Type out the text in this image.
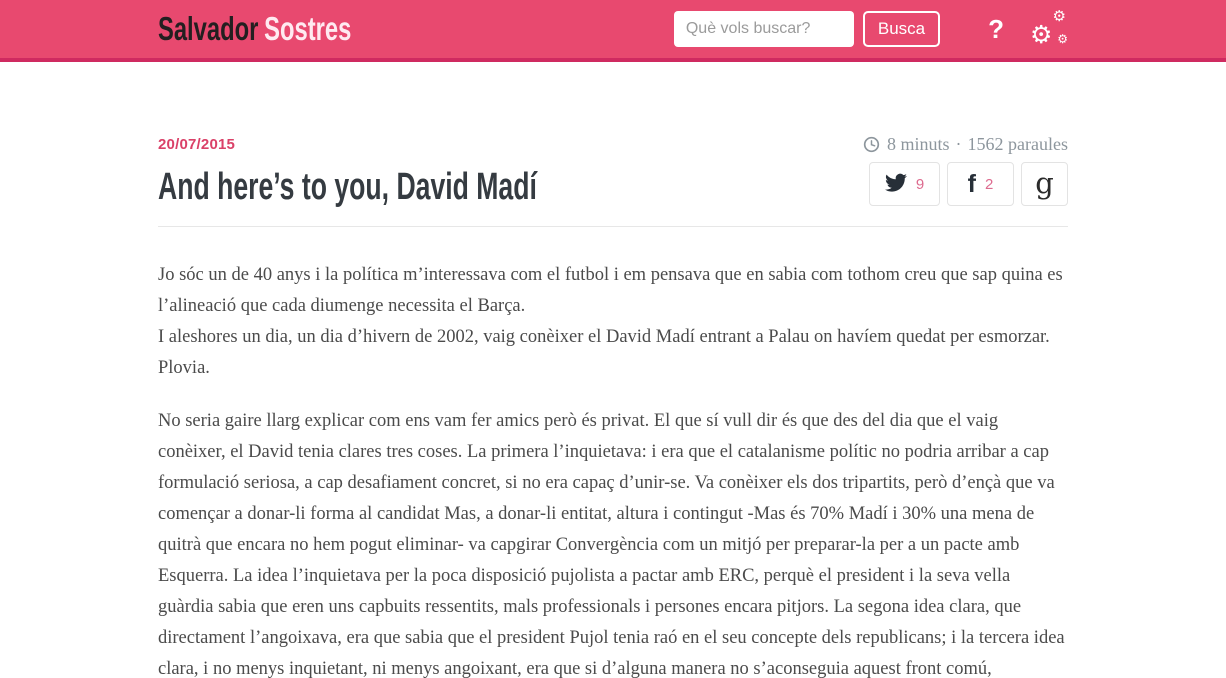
Salvador Sostres
Què vols buscar?	Busca	? ⚙
⚙
⚙
20/07/2015	8 minuts · 1562 paraules
And here’s to you, David Madí	9 f 2 g

Jo sóc un de 40 anys i la política m’interessava com el futbol i em pensava que en sabia com tothom creu que sap quina es l’alineació que cada diumenge necessita el Barça.
I aleshores un dia, un dia d’hivern de 2002, vaig conèixer el David Madí entrant a Palau on havíem quedat per esmorzar.
Plovia.

No seria gaire llarg explicar com ens vam fer amics però és privat. El que sí vull dir és que des del dia que el vaig conèixer, el David tenia clares tres coses. La primera l’inquietava: i era que el catalanisme polític no podria arribar a cap formulació seriosa, a cap desafiament concret, si no era capaç d’unir-se. Va conèixer els dos tripartits, però d’ençà que va començar a donar-li forma al candidat Mas, a donar-li entitat, altura i contingut -Mas és 70% Madí i 30% una mena de quitrà que encara no hem pogut eliminar- va capgirar Convergència com un mitjó per preparar-la per a un pacte amb Esquerra. La idea l’inquietava per la poca disposició pujolista a pactar amb ERC, perquè el president i la seva vella guàrdia sabia que eren uns capbuits ressentits, mals professionals i persones encara pitjors. La segona idea clara, que directament l’angoixava, era que sabia que el president Pujol tenia raó en el seu concepte dels republicans; i la tercera idea clara, i no menys inquietant, ni menys angoixant, era que si d’alguna manera no s’aconseguia aquest front comú,
